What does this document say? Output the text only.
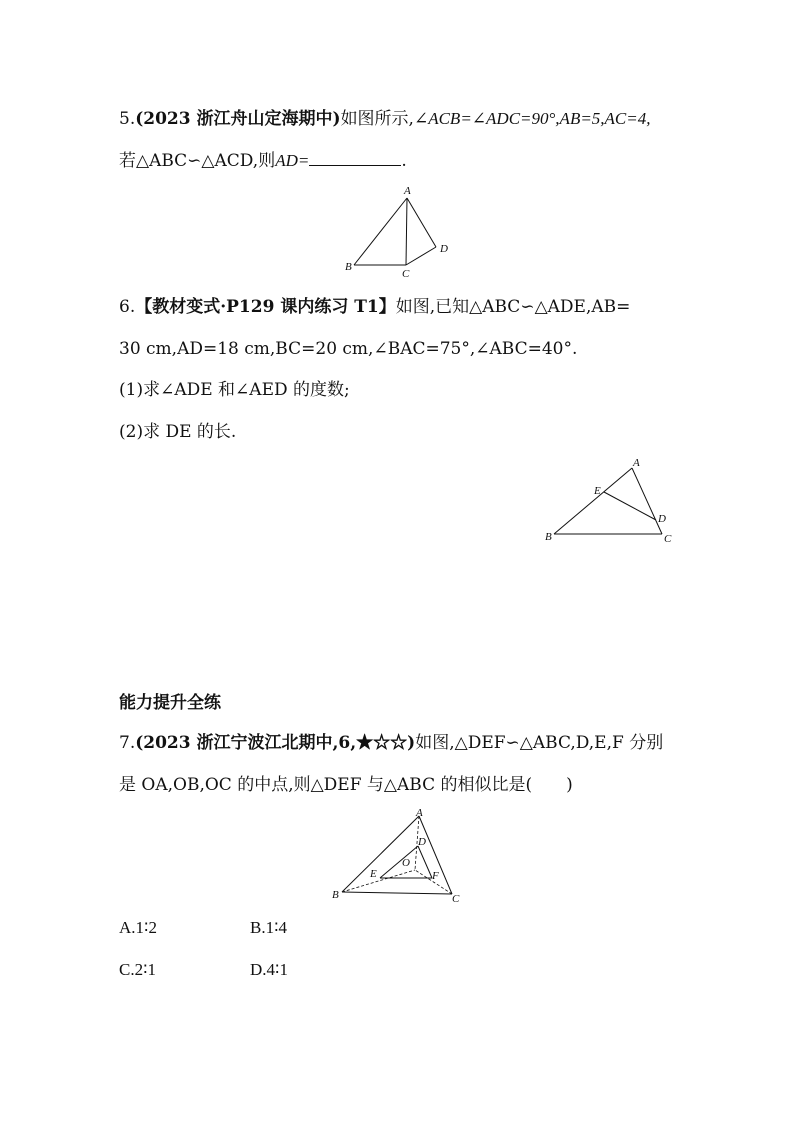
5.(2023 浙江舟山定海期中)如图所示,∠ACB=∠ADC=90°,AB=5,AC=4,
若△ABC∽△ACD,则AD=	.
A
B
C
D
6.【教材变式·P129 课内练习 T1】如图,已知△ABC∽△ADE,AB=
30 cm,AD=18 cm,BC=20 cm,∠BAC=75°,∠ABC=40°.
(1)求∠ADE 和∠AED 的度数;
(2)求 DE 的长.
A
B	C
D
E
能力提升全练
7.(2023 浙江宁波江北期中,6,★☆☆)如图,△DEF∽△ABC,D,E,F 分别
是 OA,OB,OC 的中点,则△DEF 与△ABC 的相似比是(　　)
A
B	C
D
E	F
O
A.1∶2	B.1∶4
C.2∶1	D.4∶1
